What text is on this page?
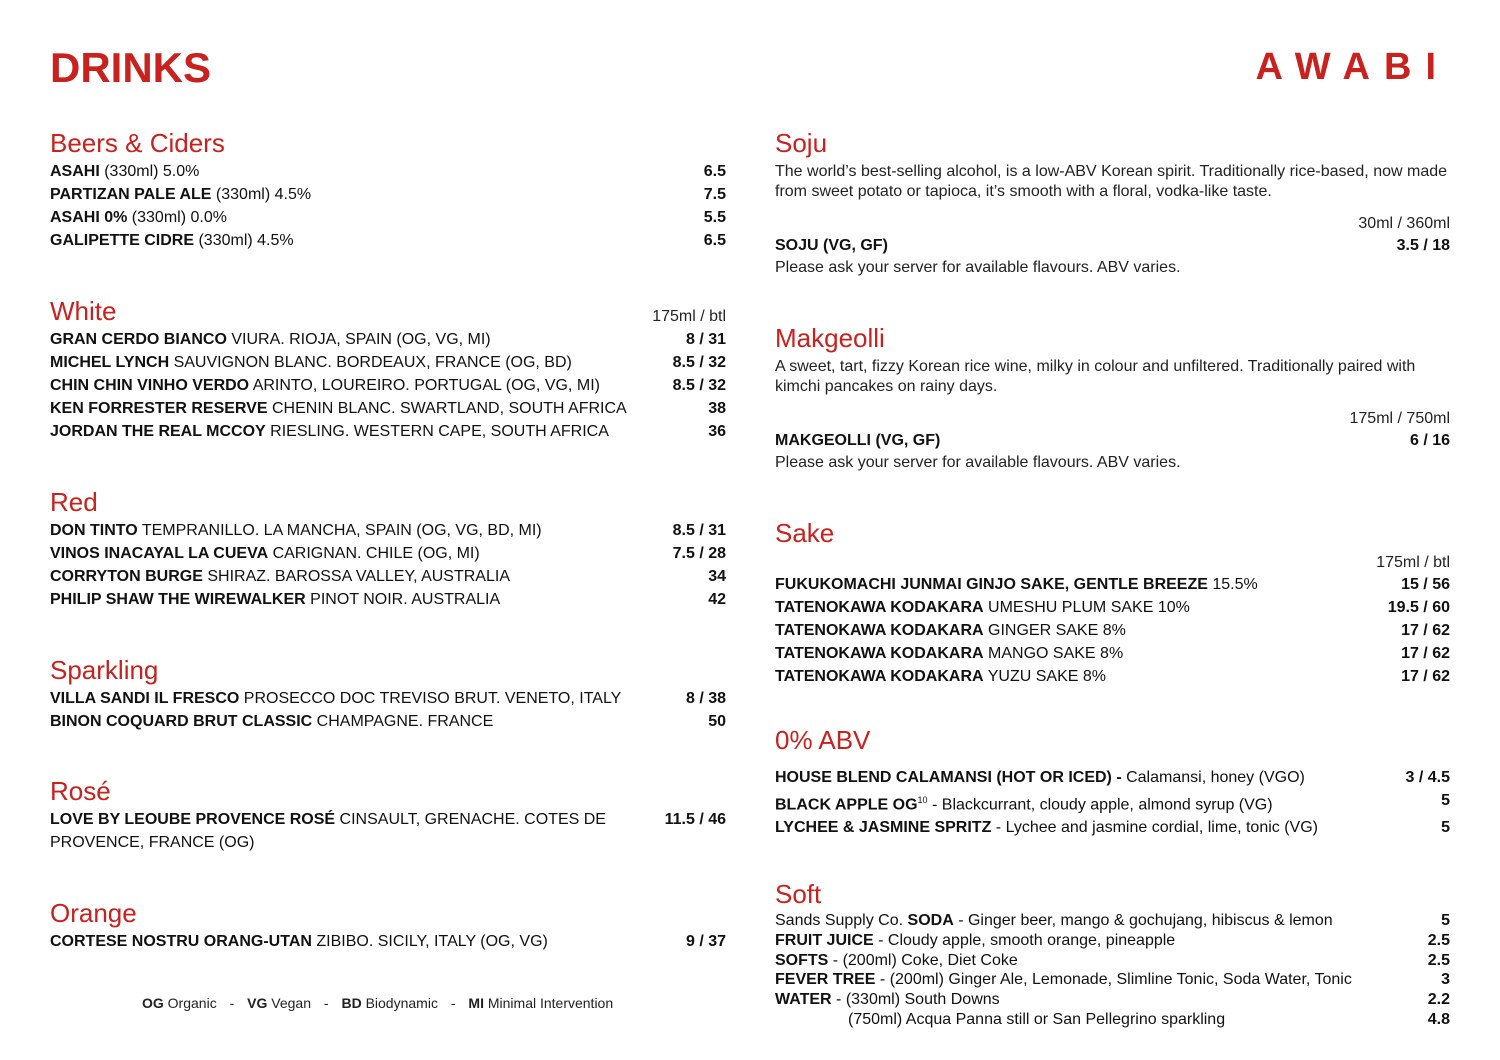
DRINKS	AWABI
Beers & Ciders
ASAHI (330ml) 5.0%	6.5
PARTIZAN PALE ALE (330ml) 4.5%	7.5
ASAHI 0% (330ml) 0.0%	5.5
GALIPETTE CIDRE (330ml) 4.5%	6.5
White	175ml / btl
GRAN CERDO BIANCO VIURA. RIOJA, SPAIN (OG, VG, MI)	8 / 31
MICHEL LYNCH SAUVIGNON BLANC. BORDEAUX, FRANCE (OG, BD)	8.5 / 32
CHIN CHIN VINHO VERDO ARINTO, LOUREIRO. PORTUGAL (OG, VG, MI)	8.5 / 32
KEN FORRESTER RESERVE CHENIN BLANC. SWARTLAND, SOUTH AFRICA	38
JORDAN THE REAL MCCOY RIESLING. WESTERN CAPE, SOUTH AFRICA	36
Red
DON TINTO TEMPRANILLO. LA MANCHA, SPAIN (OG, VG, BD, MI)	8.5 / 31
VINOS INACAYAL LA CUEVA CARIGNAN. CHILE (OG, MI)	7.5 / 28
CORRYTON BURGE SHIRAZ. BAROSSA VALLEY, AUSTRALIA	34
PHILIP SHAW THE WIREWALKER PINOT NOIR. AUSTRALIA	42
Sparkling
VILLA SANDI IL FRESCO PROSECCO DOC TREVISO BRUT. VENETO, ITALY	8 / 38
BINON COQUARD BRUT CLASSIC CHAMPAGNE. FRANCE	50
Rosé
LOVE BY LEOUBE PROVENCE ROSÉ CINSAULT, GRENACHE. COTES DE PROVENCE, FRANCE (OG)
11.5 / 46
Orange
CORTESE NOSTRU ORANG-UTAN ZIBIBO. SICILY, ITALY (OG, VG)	9 / 37
OG Organic - VG Vegan - BD Biodynamic - MI Minimal Intervention
Soju
The world’s best-selling alcohol, is a low-ABV Korean spirit. Traditionally rice-based, now made from sweet potato or tapioca, it’s smooth with a floral, vodka-like taste.
30ml / 360ml
SOJU (VG, GF)	3.5 / 18
Please ask your server for available flavours. ABV varies.
Makgeolli
A sweet, tart, fizzy Korean rice wine, milky in colour and unfiltered. Traditionally paired with kimchi pancakes on rainy days.
175ml / 750ml
MAKGEOLLI (VG, GF)	6 / 16
Please ask your server for available flavours. ABV varies.
Sake
175ml / btl
FUKUKOMACHI JUNMAI GINJO SAKE, GENTLE BREEZE 15.5%	15 / 56
TATENOKAWA KODAKARA UMESHU PLUM SAKE 10%	19.5 / 60
TATENOKAWA KODAKARA GINGER SAKE 8%	17 / 62
TATENOKAWA KODAKARA MANGO SAKE 8%	17 / 62
TATENOKAWA KODAKARA YUZU SAKE 8%	17 / 62
0% ABV
HOUSE BLEND CALAMANSI (HOT OR ICED) - Calamansi, honey (VGO)	3 / 4.5
BLACK APPLE OG$^{10}$ - Blackcurrant, cloudy apple, almond syrup (VG)	5
LYCHEE & JASMINE SPRITZ - Lychee and jasmine cordial, lime, tonic (VG)	5
Soft
Sands Supply Co. SODA - Ginger beer, mango & gochujang, hibiscus & lemon	5
FRUIT JUICE - Cloudy apple, smooth orange, pineapple	2.5
SOFTS - (200ml) Coke, Diet Coke	2.5
FEVER TREE - (200ml) Ginger Ale, Lemonade, Slimline Tonic, Soda Water, Tonic	3
WATER - (330ml) South Downs	2.2
(750ml) Acqua Panna still or San Pellegrino sparkling	4.8
